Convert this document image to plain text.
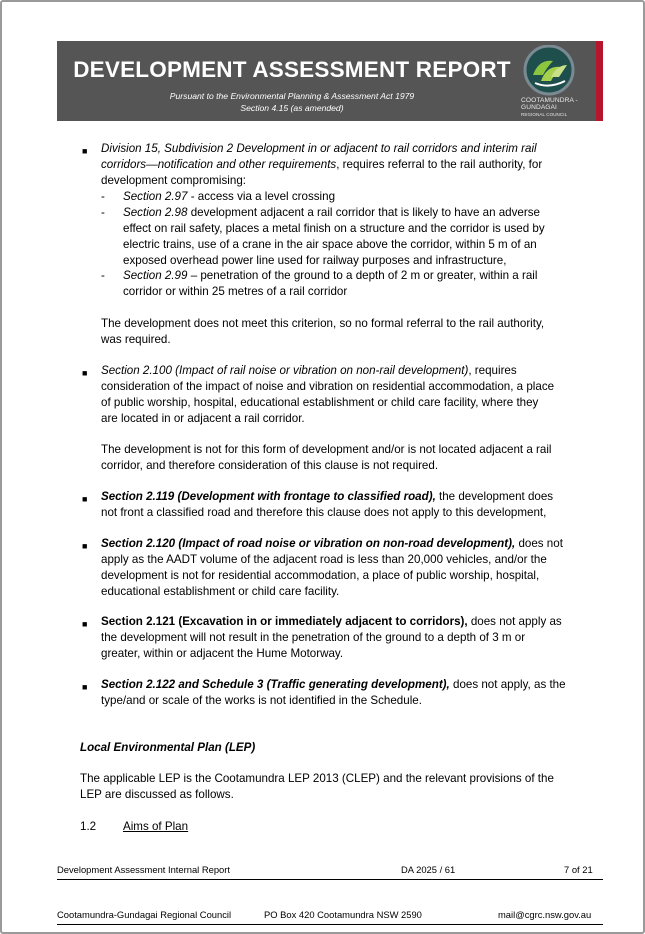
DEVELOPMENT ASSESSMENT REPORT
Pursuant to the Environmental Planning & Assessment Act 1979
Section 4.15 (as amended)
COOTAMUNDRA -
GUNDAGAI
REGIONAL COUNCIL
■ Division 15, Subdivision 2 Development in or adjacent to rail corridors and interim rail
corridors—notification and other requirements, requires referral to the rail authority, for
development compromising:
- Section 2.97 - access via a level crossing
- Section 2.98 development adjacent a rail corridor that is likely to have an adverse
effect on rail safety, places a metal finish on a structure and the corridor is used by
electric trains, use of a crane in the air space above the corridor, within 5 m of an
exposed overhead power line used for railway purposes and infrastructure,
- Section 2.99 – penetration of the ground to a depth of 2 m or greater, within a rail
corridor or within 25 metres of a rail corridor
The development does not meet this criterion, so no formal referral to the rail authority,
was required.
■ Section 2.100 (Impact of rail noise or vibration on non-rail development), requires
consideration of the impact of noise and vibration on residential accommodation, a place
of public worship, hospital, educational establishment or child care facility, where they
are located in or adjacent a rail corridor.
The development is not for this form of development and/or is not located adjacent a rail
corridor, and therefore consideration of this clause is not required.
■ Section 2.119 (Development with frontage to classified road), the development does
not front a classified road and therefore this clause does not apply to this development,
■ Section 2.120 (Impact of road noise or vibration on non-road development), does not
apply as the AADT volume of the adjacent road is less than 20,000 vehicles, and/or the
development is not for residential accommodation, a place of public worship, hospital,
educational establishment or child care facility.
■ Section 2.121 (Excavation in or immediately adjacent to corridors), does not apply as
the development will not result in the penetration of the ground to a depth of 3 m or
greater, within or adjacent the Hume Motorway.
■ Section 2.122 and Schedule 3 (Traffic generating development), does not apply, as the
type/and or scale of the works is not identified in the Schedule.
Local Environmental Plan (LEP)
The applicable LEP is the Cootamundra LEP 2013 (CLEP) and the relevant provisions of the
LEP are discussed as follows.
1.2 Aims of Plan
Development Assessment Internal Report	DA 2025 / 61	7 of 21
Cootamundra-Gundagai Regional Council	PO Box 420 Cootamundra NSW 2590	mail@cgrc.nsw.gov.au
